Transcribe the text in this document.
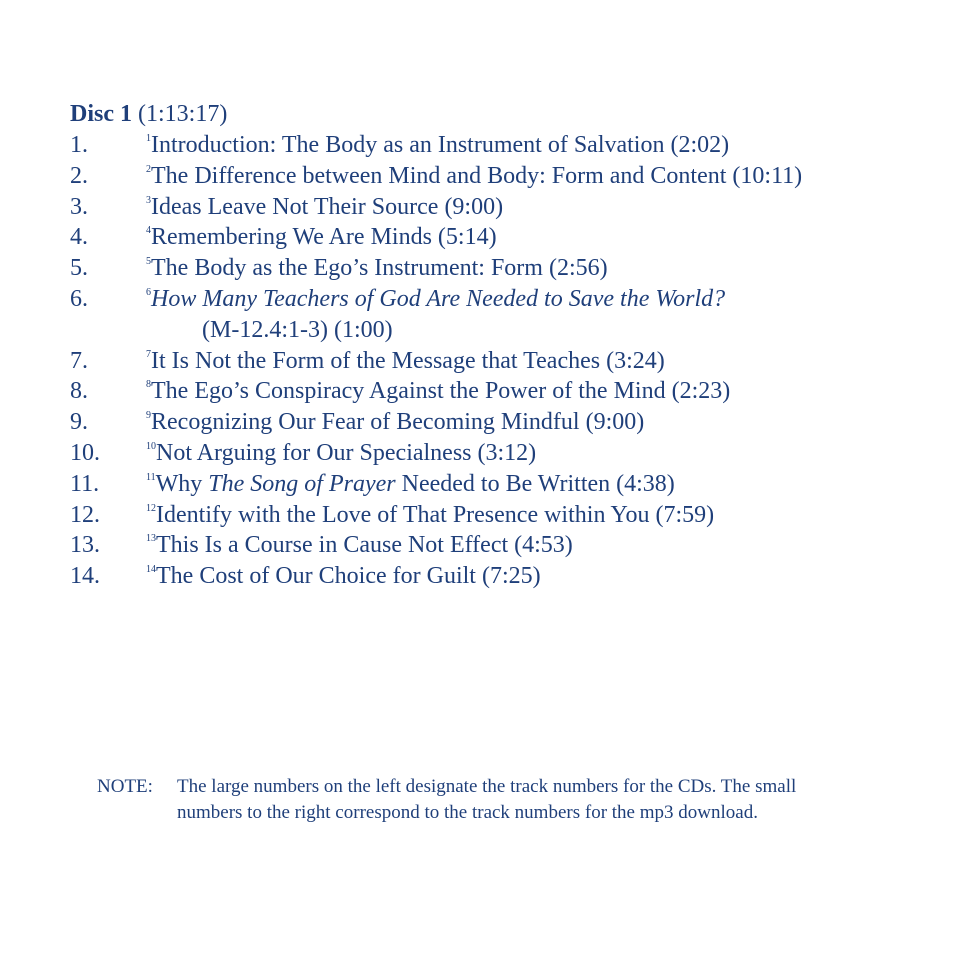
Disc 1 (1:13:17)
1.	$^1$Introduction: The Body as an Instrument of Salvation (2:02)
2.	$^2$The Difference between Mind and Body: Form and Content (10:11)
3.	$^3$Ideas Leave Not Their Source (9:00)
4.	$^4$Remembering We Are Minds (5:14)
5.	$^5$The Body as the Ego’s Instrument: Form (2:56)
6.	$^6$How Many Teachers of God Are Needed to Save the World?
(M-12.4:1-3) (1:00)
7.	$^7$It Is Not the Form of the Message that Teaches (3:24)
8.	$^8$The Ego’s Conspiracy Against the Power of the Mind (2:23)
9.	$^9$Recognizing Our Fear of Becoming Mindful (9:00)
10.	$^{10}$Not Arguing for Our Specialness (3:12)
11.	$^{11}$Why The Song of Prayer Needed to Be Written (4:38)
12.	$^{12}$Identify with the Love of That Presence within You (7:59)
13.	$^{13}$This Is a Course in Cause Not Effect (4:53)
14.	$^{14}$The Cost of Our Choice for Guilt (7:25)
NOTE: The large numbers on the left designate the track numbers for the CDs. The small
numbers to the right correspond to the track numbers for the mp3 download.
